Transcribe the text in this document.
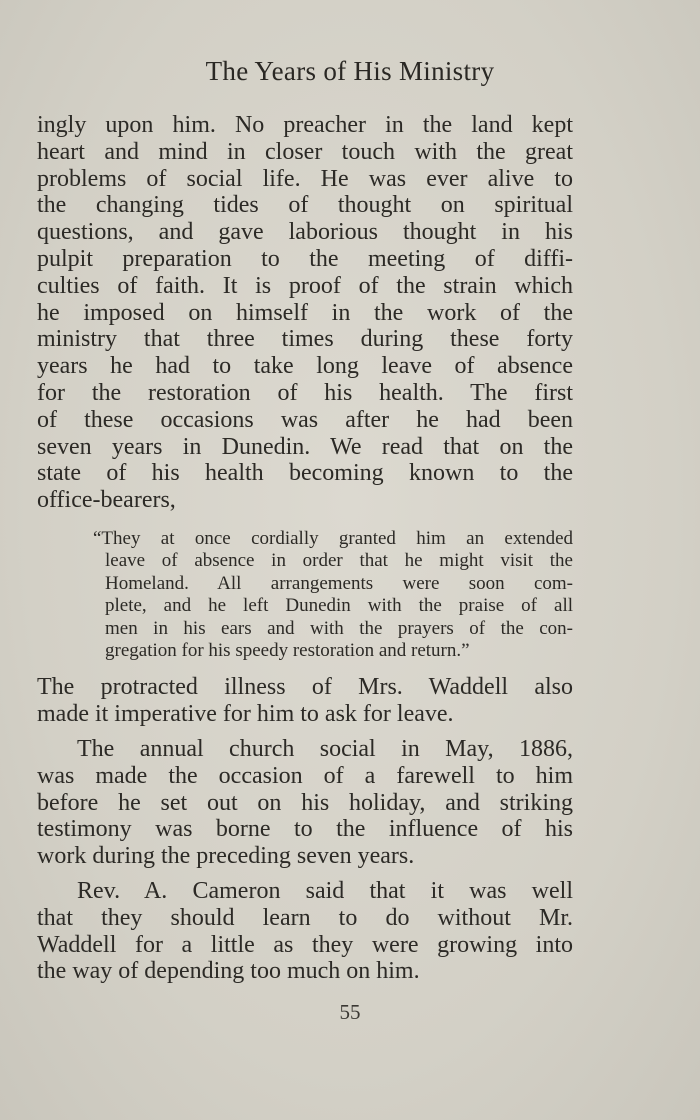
The Years of His Ministry

ingly upon him. No preacher in the land kept

heart and mind in closer touch with the great

problems of social life. He was ever alive to

the changing tides of thought on spiritual

questions, and gave laborious thought in his

pulpit preparation to the meeting of diffi-

culties of faith. It is proof of the strain which

he imposed on himself in the work of the

ministry that three times during these forty

years he had to take long leave of absence

for the restoration of his health. The first

of these occasions was after he had been

seven years in Dunedin. We read that on the

state of his health becoming known to the

office-bearers,

“They at once cordially granted him an extended

leave of absence in order that he might visit the

Homeland. All arrangements were soon com-

plete, and he left Dunedin with the praise of all

men in his ears and with the prayers of the con-

gregation for his speedy restoration and return.”

The protracted illness of Mrs. Waddell also

made it imperative for him to ask for leave.

The annual church social in May, 1886,

was made the occasion of a farewell to him

before he set out on his holiday, and striking

testimony was borne to the influence of his

work during the preceding seven years.

Rev. A. Cameron said that it was well

that they should learn to do without Mr.

Waddell for a little as they were growing into

the way of depending too much on him.

55
